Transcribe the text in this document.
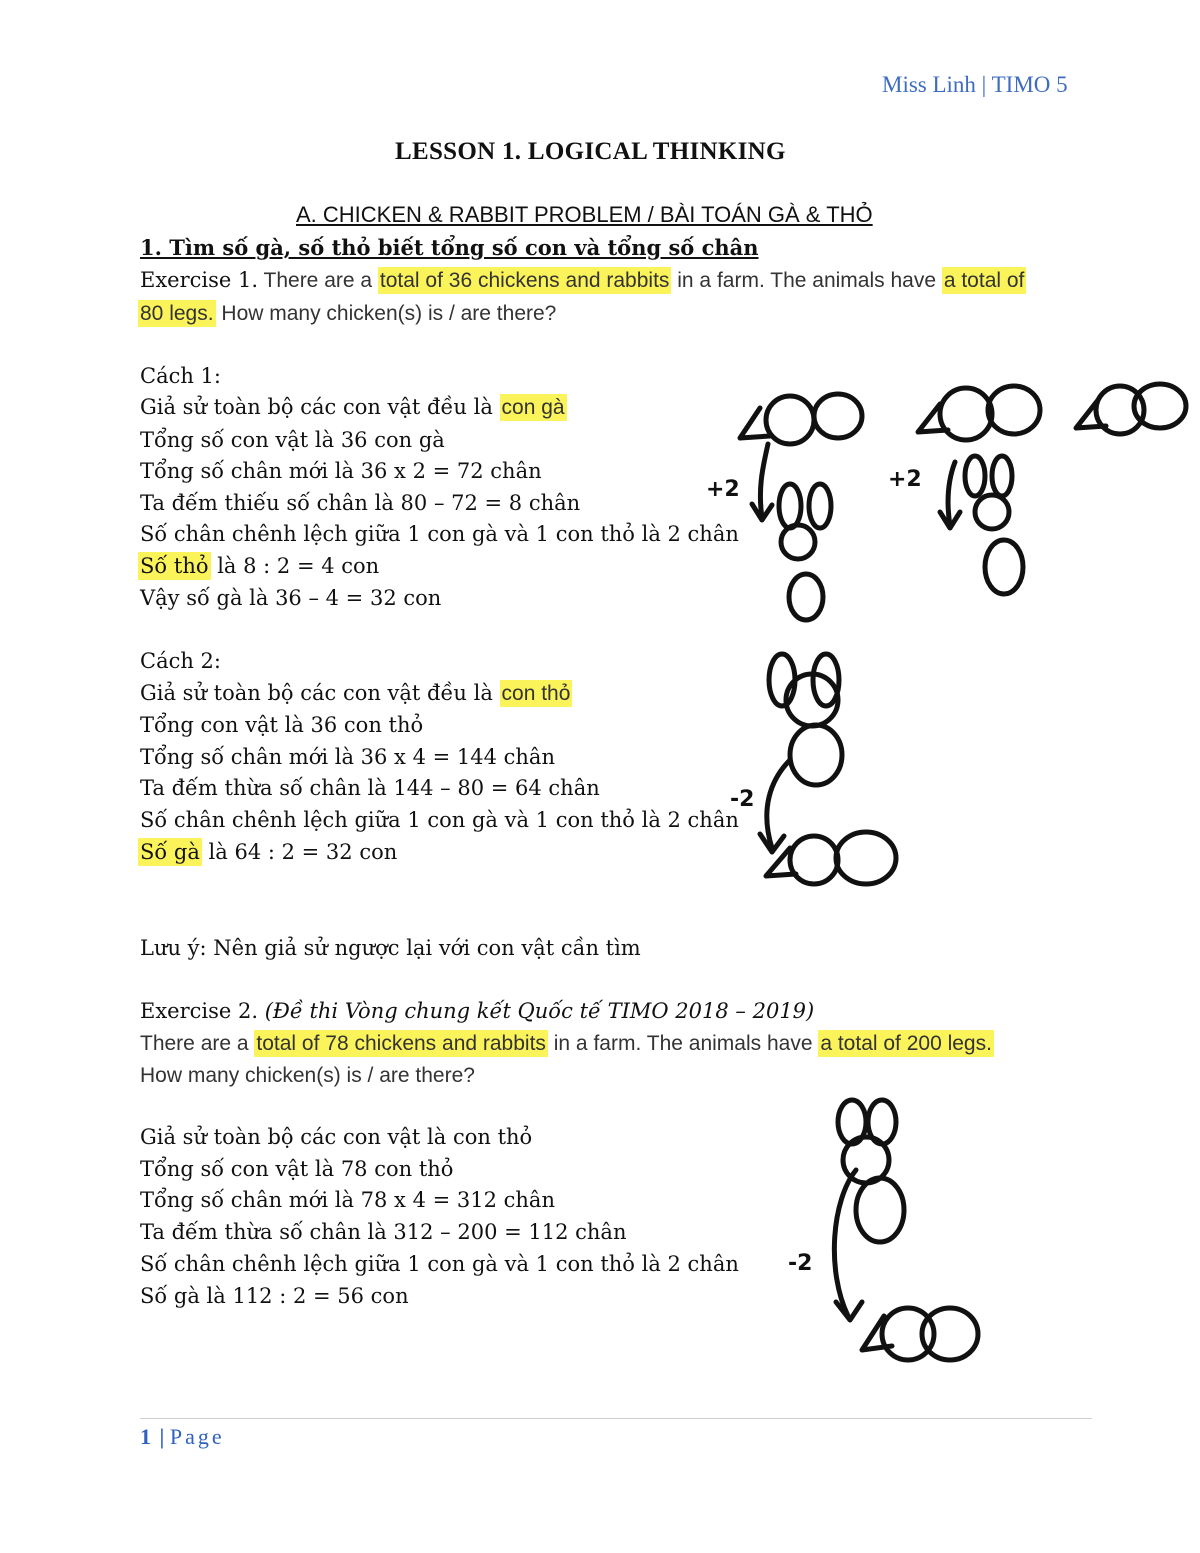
Miss Linh | TIMO 5
LESSON 1. LOGICAL THINKING
A. CHICKEN & RABBIT PROBLEM / BÀI TOÁN GÀ & THỎ
1. Tìm số gà, số thỏ biết tổng số con và tổng số chân
Exercise 1. There are a total of 36 chickens and rabbits in a farm. The animals have a total of
80 legs. How many chicken(s) is / are there?
Cách 1:
Giả sử toàn bộ các con vật đều là con gà
Tổng số con vật là 36 con gà
Tổng số chân mới là 36 x 2 = 72 chân
Ta đếm thiếu số chân là 80 – 72 = 8 chân
Số chân chênh lệch giữa 1 con gà và 1 con thỏ là 2 chân
Số thỏ là 8 : 2 = 4 con
Vậy số gà là 36 – 4 = 32 con
Cách 2:
Giả sử toàn bộ các con vật đều là con thỏ
Tổng con vật là 36 con thỏ
Tổng số chân mới là 36 x 4 = 144 chân
Ta đếm thừa số chân là 144 – 80 = 64 chân
Số chân chênh lệch giữa 1 con gà và 1 con thỏ là 2 chân
Số gà là 64 : 2 = 32 con
Lưu ý: Nên giả sử ngược lại với con vật cần tìm
Exercise 2. (Đề thi Vòng chung kết Quốc tế TIMO 2018 – 2019)
There are a total of 78 chickens and rabbits in a farm. The animals have a total of 200 legs.
How many chicken(s) is / are there?
Giả sử toàn bộ các con vật là con thỏ
Tổng số con vật là 78 con thỏ
Tổng số chân mới là 78 x 4 = 312 chân
Ta đếm thừa số chân là 312 – 200 = 112 chân
Số chân chênh lệch giữa 1 con gà và 1 con thỏ là 2 chân
Số gà là 112 : 2 = 56 con
+2	+2
-2
-2
1 | Page
